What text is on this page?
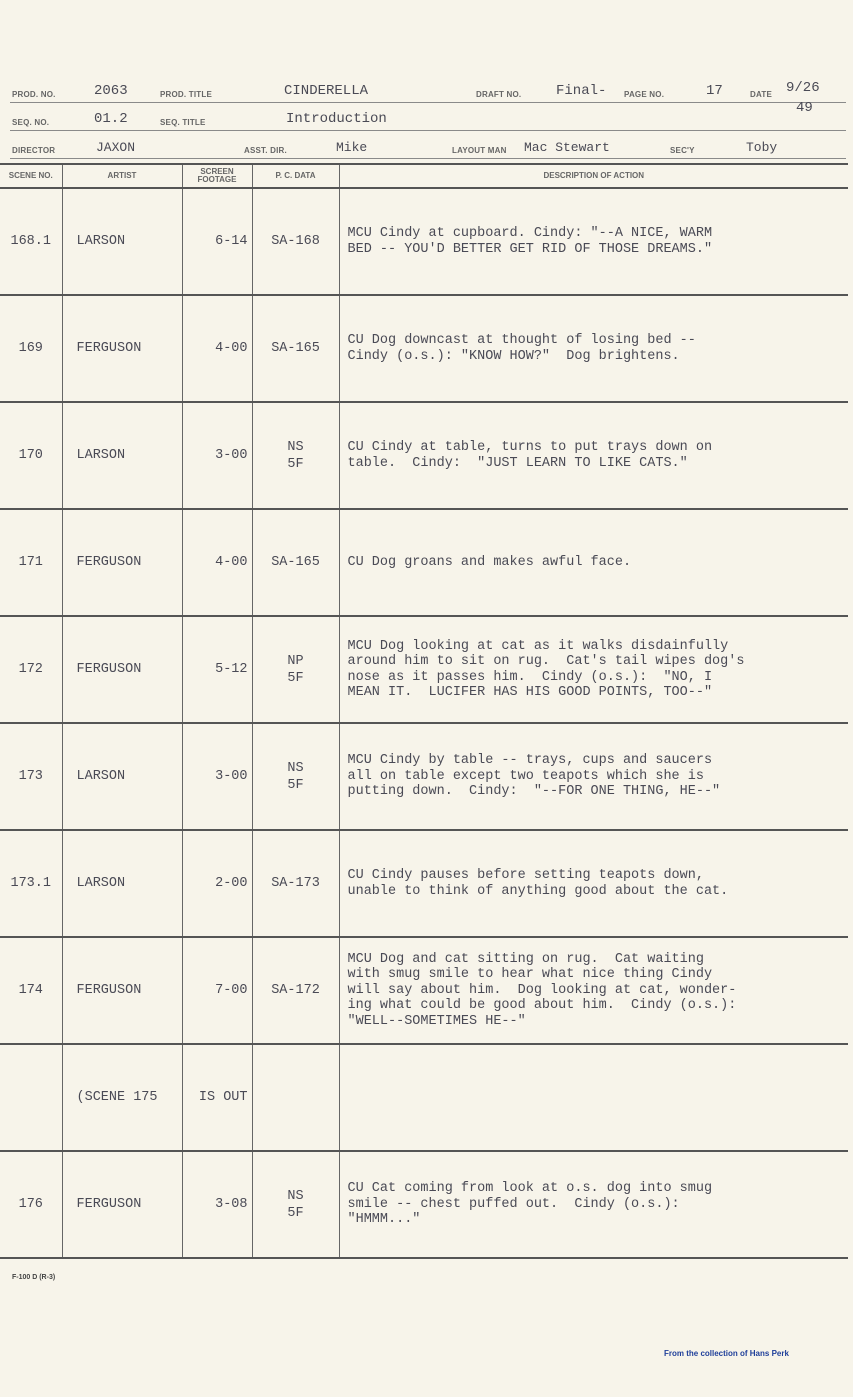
PROD. NO.	2063	PROD. TITLE	CINDERELLA	DRAFT NO. Final- PAGE NO.	17	DATE 9/26
49
SEQ. NO.	01.2	SEQ. TITLE	Introduction
DIRECTOR	JAXON	ASST. DIR.	Mike	LAYOUT MAN Mac Stewart	SEC'Y	Toby
SCENE NO.	ARTIST	SCREEN FOOTAGE	P. C. DATA	DESCRIPTION OF ACTION
168.1	LARSON	6-14	SA-168	MCU Cindy at cupboard. Cindy: "--A NICE, WARM
BED -- YOU'D BETTER GET RID OF THOSE DREAMS."

169	FERGUSON	4-00	SA-165	CU Dog downcast at thought of losing bed --
Cindy (o.s.): "KNOW HOW?"  Dog brightens.

170	LARSON	3-00	NS
5F	CU Cindy at table, turns to put trays down on
table.  Cindy:  "JUST LEARN TO LIKE CATS."

171	FERGUSON	4-00	SA-165	CU Dog groans and makes awful face.

172	FERGUSON	5-12	NP
5F	MCU Dog looking at cat as it walks disdainfully
around him to sit on rug.  Cat's tail wipes dog's
nose as it passes him.  Cindy (o.s.):  "NO, I
MEAN IT.  LUCIFER HAS HIS GOOD POINTS, TOO--"

173	LARSON	3-00	NS
5F	MCU Cindy by table -- trays, cups and saucers
all on table except two teapots which she is
putting down.  Cindy:  "--FOR ONE THING, HE--"

173.1	LARSON	2-00	SA-173	CU Cindy pauses before setting teapots down,
unable to think of anything good about the cat.

174	FERGUSON	7-00	SA-172	MCU Dog and cat sitting on rug.  Cat waiting
with smug smile to hear what nice thing Cindy
will say about him.  Dog looking at cat, wonder-
ing what could be good about him.  Cindy (o.s.):
"WELL--SOMETIMES HE--"

	(SCENE 175	IS OUT		
176	FERGUSON	3-08	NS
5F	CU Cat coming from look at o.s. dog into smug
smile -- chest puffed out.  Cindy (o.s.):
"HMMM..."
F-100 D (R-3)
From the collection of Hans Perk
